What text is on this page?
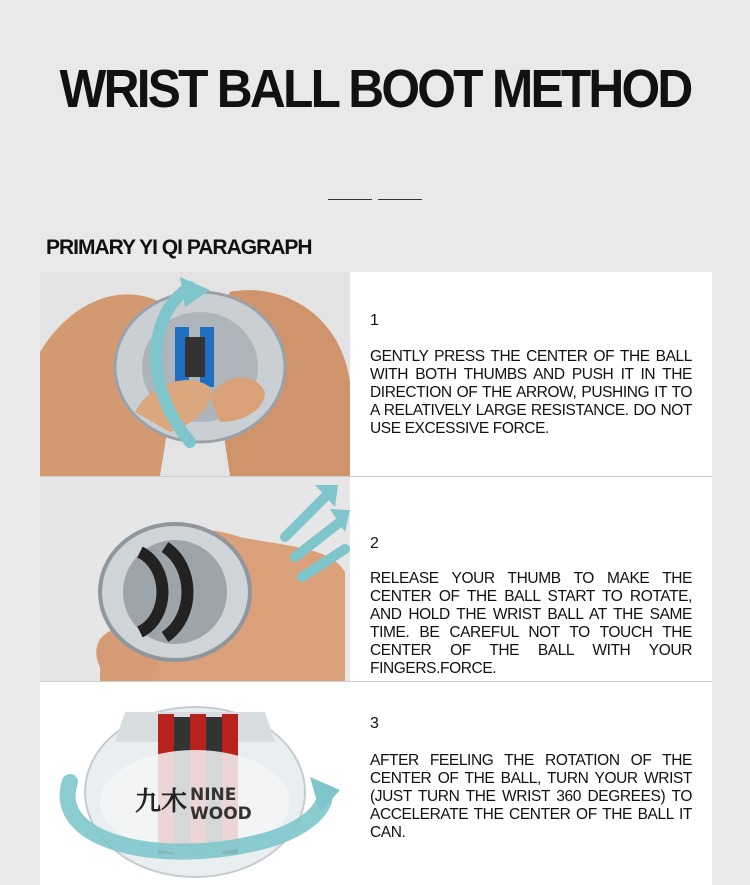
WRIST BALL BOOT METHOD
PRIMARY YI QI PARAGRAPH
1
GENTLY PRESS THE CENTER OF THE BALL WITH BOTH THUMBS AND PUSH IT IN THE DIRECTION OF THE ARROW, PUSHING IT TO A RELATIVELY LARGE RESISTANCE. DO NOT USE EXCESSIVE FORCE.
2
RELEASE YOUR THUMB TO MAKE THE CENTER OF THE BALL START TO ROTATE, AND HOLD THE WRIST BALL AT THE SAME TIME. BE CAREFUL NOT TO TOUCH THE CENTER OF THE BALL WITH YOUR FINGERS.FORCE.
九木 NINE
WOOD
3
AFTER FEELING THE ROTATION OF THE CENTER OF THE BALL, TURN YOUR WRIST (JUST TURN THE WRIST 360 DEGREES) TO ACCELERATE THE CENTER OF THE BALL IT CAN.
